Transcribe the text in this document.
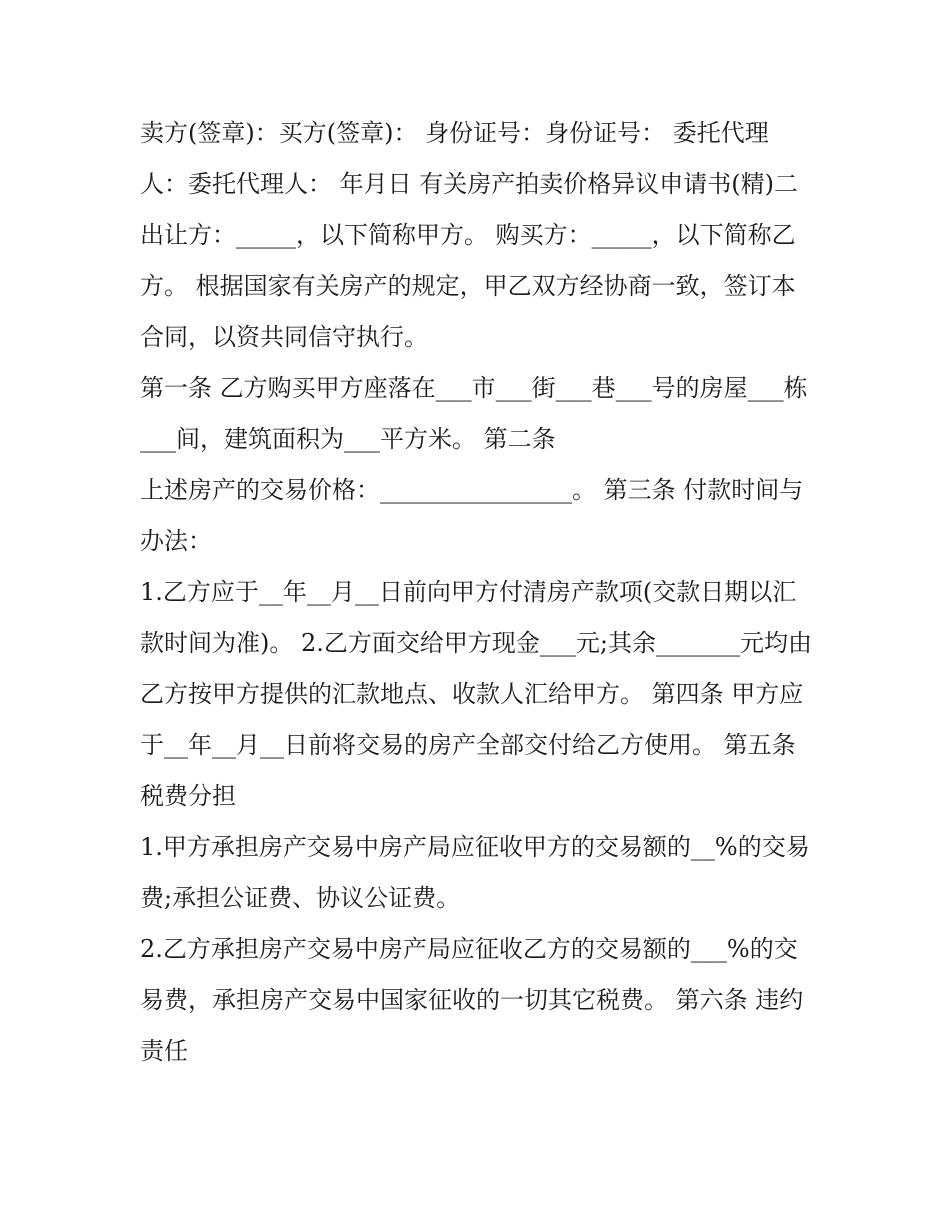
卖方(签章)：买方(签章)： 身份证号：身份证号： 委托代理人：委托代理人： 年月日 有关房产拍卖价格异议申请书(精)二

出让方：_____，以下简称甲方。 购买方：_____，以下简称乙方。 根据国家有关房产的规定，甲乙双方经协商一致，签订本合同，以资共同信守执行。

第一条 乙方购买甲方座落在___市___街___巷___号的房屋___栋___间，建筑面积为___平方米。 第二条

上述房产的交易价格：________________。 第三条 付款时间与办法：

1.乙方应于__年__月__日前向甲方付清房产款项(交款日期以汇款时间为准)。 2.乙方面交给甲方现金___元;其余_______元均由乙方按甲方提供的汇款地点、收款人汇给甲方。 第四条 甲方应于__年__月__日前将交易的房产全部交付给乙方使用。 第五条 税费分担

1.甲方承担房产交易中房产局应征收甲方的交易额的__%的交易费;承担公证费、协议公证费。

2.乙方承担房产交易中房产局应征收乙方的交易额的___%的交易费，承担房产交易中国家征收的一切其它税费。 第六条 违约责任
